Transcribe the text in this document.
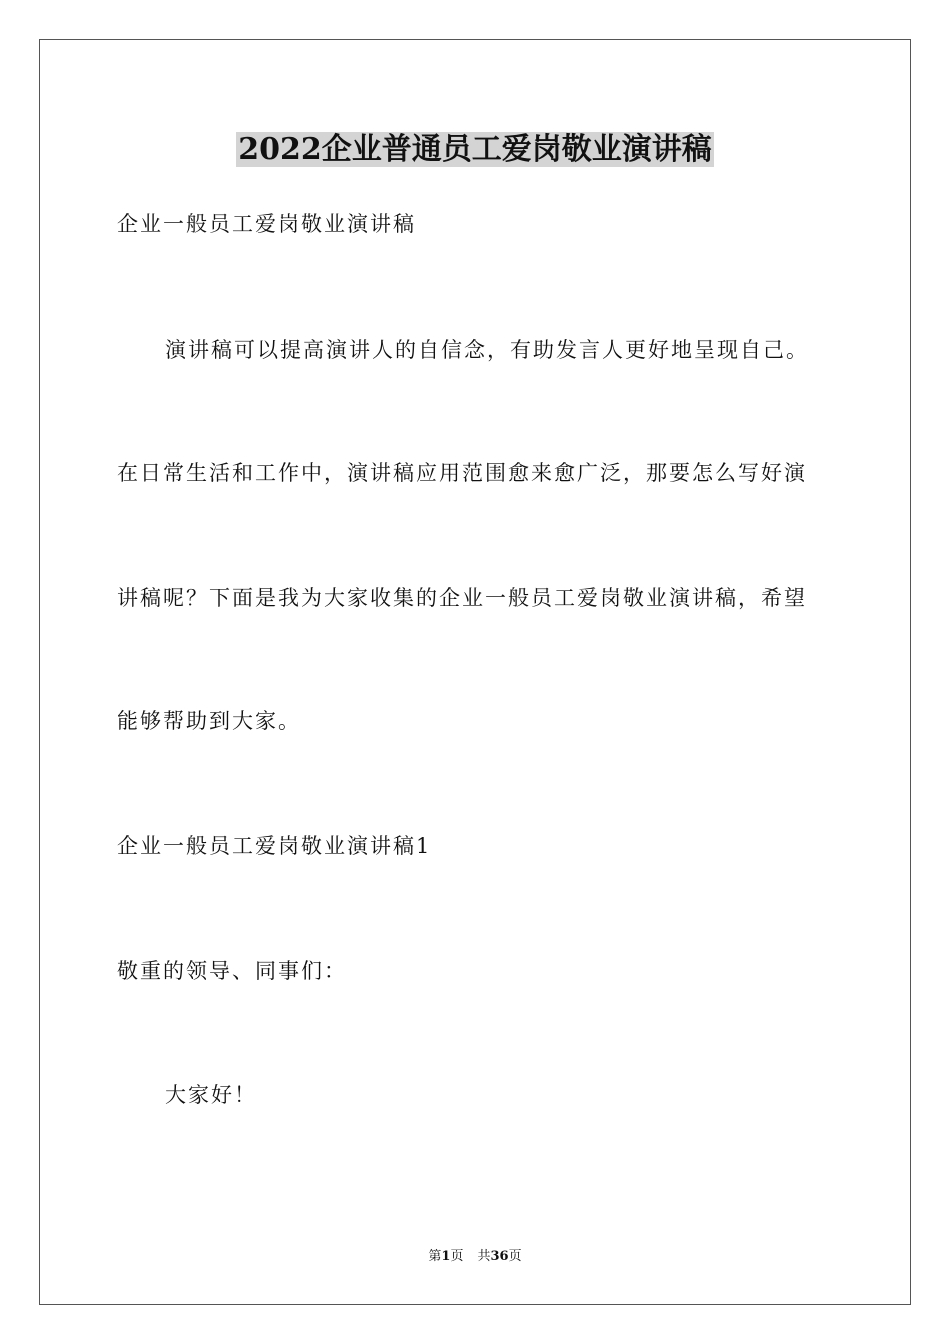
2022企业普通员工爱岗敬业演讲稿
企业一般员工爱岗敬业演讲稿
演讲稿可以提高演讲人的自信念，有助发言人更好地呈现自己。
在日常生活和工作中，演讲稿应用范围愈来愈广泛，那要怎么写好演
讲稿呢？下面是我为大家收集的企业一般员工爱岗敬业演讲稿，希望
能够帮助到大家。
企业一般员工爱岗敬业演讲稿1
敬重的领导、同事们：
大家好！
第1页 共36页
